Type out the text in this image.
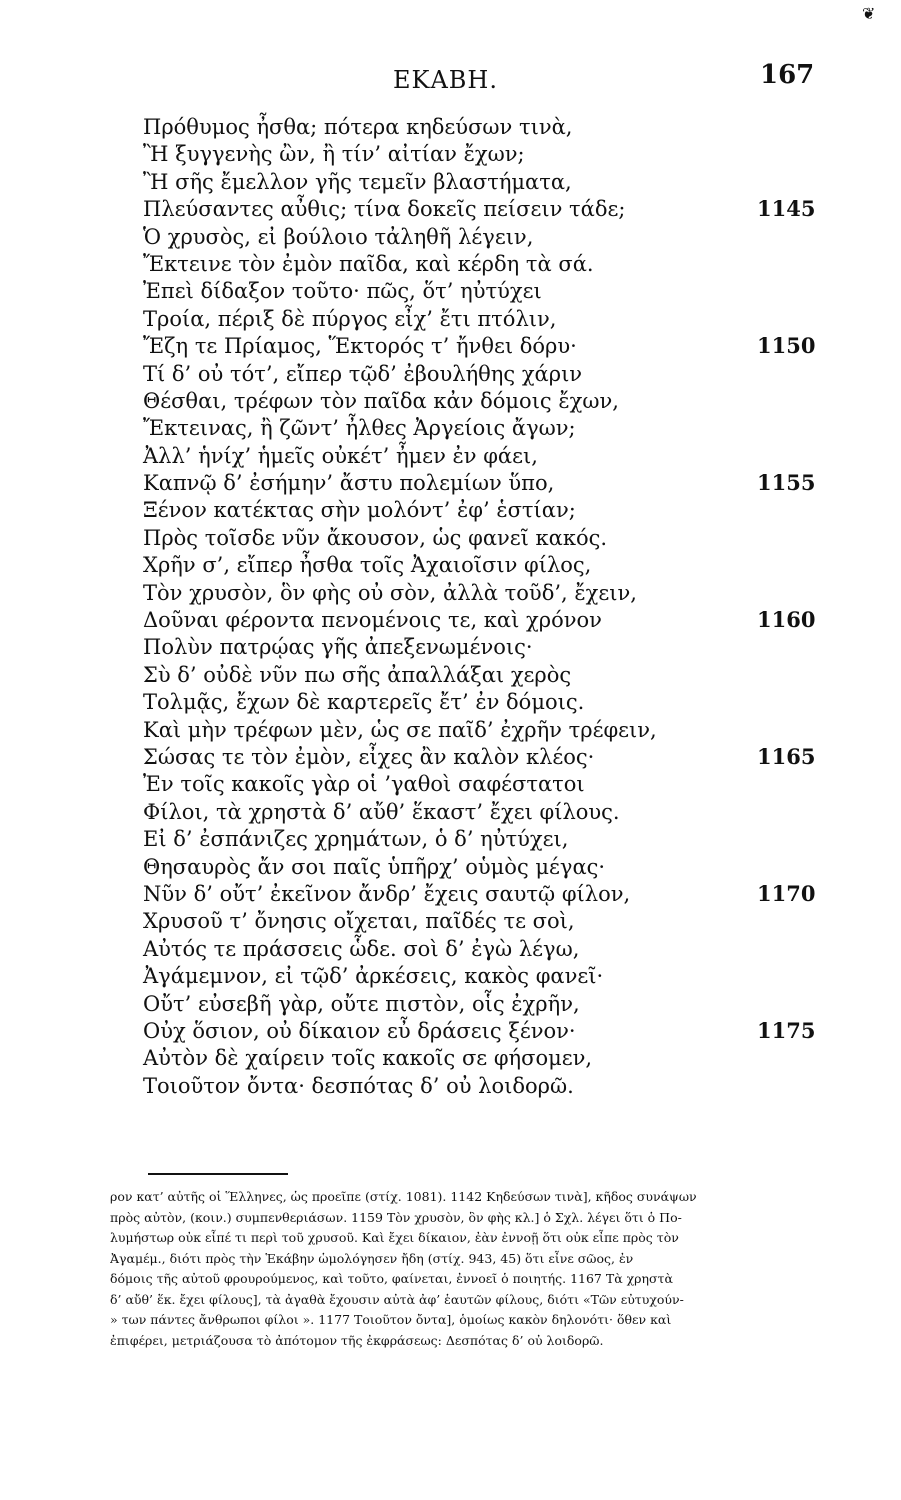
❦
ΕΚΑΒΗ.	167
Πρόθυμος ἦσθα; πότερα κηδεύσων τινὰ,
Ἢ ξυγγενὴς ὢν, ἢ τίν’ αἰτίαν ἔχων;
Ἢ σῆς ἔμελλον γῆς τεμεῖν βλαστήματα,
Πλεύσαντες αὖθις; τίνα δοκεῖς πείσειν τάδε;
Ὁ χρυσὸς, εἰ βούλοιο τἀληθῆ λέγειν,
Ἔκτεινε τὸν ἐμὸν παῖδα, καὶ κέρδη τὰ σά.
Ἐπεὶ δίδαξον τοῦτο· πῶς, ὅτ’ ηὐτύχει
Τροία, πέριξ δὲ πύργος εἶχ’ ἔτι πτόλιν,
Ἔζη τε Πρίαμος, Ἕκτορός τ’ ἤνθει δόρυ·
Τί δ’ οὐ τότ’, εἴπερ τῷδ’ ἐβουλήθης χάριν
Θέσθαι, τρέφων τὸν παῖδα κἀν δόμοις ἔχων,
Ἔκτεινας, ἢ ζῶντ’ ἦλθες Ἀργείοις ἄγων;
Ἀλλ’ ἡνίχ’ ἡμεῖς οὐκέτ’ ἦμεν ἐν φάει,
Καπνῷ δ’ ἐσήμην’ ἄστυ πολεμίων ὕπο,
Ξένον κατέκτας σὴν μολόντ’ ἐφ’ ἑστίαν;
Πρὸς τοῖσδε νῦν ἄκουσον, ὡς φανεῖ κακός.
Χρῆν σ’, εἴπερ ἦσθα τοῖς Ἀχαιοῖσιν φίλος,
Τὸν χρυσὸν, ὃν φὴς οὐ σὸν, ἀλλὰ τοῦδ’, ἔχειν,
Δοῦναι φέροντα πενομένοις τε, καὶ χρόνον
Πολὺν πατρῴας γῆς ἀπεξενωμένοις·
Σὺ δ’ οὐδὲ νῦν πω σῆς ἀπαλλάξαι χερὸς
Τολμᾷς, ἔχων δὲ καρτερεῖς ἔτ’ ἐν δόμοις.
Καὶ μὴν τρέφων μὲν, ὡς σε παῖδ’ ἐχρῆν τρέφειν,
Σώσας τε τὸν ἐμὸν, εἶχες ἂν καλὸν κλέος·
Ἐν τοῖς κακοῖς γὰρ οἱ ’γαθοὶ σαφέστατοι
Φίλοι, τὰ χρηστὰ δ’ αὔθ’ ἕκαστ’ ἔχει φίλους.
Εἰ δ’ ἐσπάνιζες χρημάτων, ὁ δ’ ηὐτύχει,
Θησαυρὸς ἄν σοι παῖς ὑπῆρχ’ οὑμὸς μέγας·
Νῦν δ’ οὔτ’ ἐκεῖνον ἄνδρ’ ἔχεις σαυτῷ φίλον,
Χρυσοῦ τ’ ὄνησις οἴχεται, παῖδές τε σοὶ,
Αὐτός τε πράσσεις ὧδε. σοὶ δ’ ἐγὼ λέγω,
Ἀγάμεμνον, εἰ τῷδ’ ἀρκέσεις, κακὸς φανεῖ·
Οὔτ’ εὐσεβῆ γὰρ, οὔτε πιστὸν, οἷς ἐχρῆν,
Οὐχ ὅσιον, οὐ δίκαιον εὖ δράσεις ξένον·
Αὐτὸν δὲ χαίρειν τοῖς κακοῖς σε φήσομεν,
Τοιοῦτον ὄντα· δεσπότας δ’ οὐ λοιδορῶ.
1145
1150
1155
1160
1165
1170
1175
ρον κατ’ αὐτῆς οἱ Ἕλληνες, ὡς προεῖπε (στίχ. 1081). 1142 Κηδεύσων τινὰ], κῆδος συνάψων
πρὸς αὐτὸν, (κοιν.) συμπενθεριάσων. 1159 Τὸν χρυσὸν, ὃν φὴς κλ.] ὁ Σχλ. λέγει ὅτι ὁ Πο-
λυμήστωρ οὐκ εἶπέ τι περὶ τοῦ χρυσοῦ. Καὶ ἔχει δίκαιον, ἐὰν ἐννοῇ ὅτι οὐκ εἶπε πρὸς τὸν
Ἀγαμέμ., διότι πρὸς τὴν Ἑκάβην ὡμολόγησεν ἤδη (στίχ. 943, 45) ὅτι εἶνε σῶος, ἐν
δόμοις τῆς αὐτοῦ φρουρούμενος, καὶ τοῦτο, φαίνεται, ἐννοεῖ ὁ ποιητής. 1167 Τὰ χρηστὰ
δ’ αὔθ’ ἕκ. ἔχει φίλους], τὰ ἀγαθὰ ἔχουσιν αὐτὰ ἀφ’ ἑαυτῶν φίλους, διότι «Τῶν εὐτυχούν-
» των πάντες ἄνθρωποι φίλοι ». 1177 Τοιοῦτον ὄντα], ὁμοίως κακὸν δηλονότι· ὅθεν καὶ
ἐπιφέρει, μετριάζουσα τὸ ἀπότομον τῆς ἐκφράσεως: Δεσπότας δ’ οὐ λοιδορῶ.
